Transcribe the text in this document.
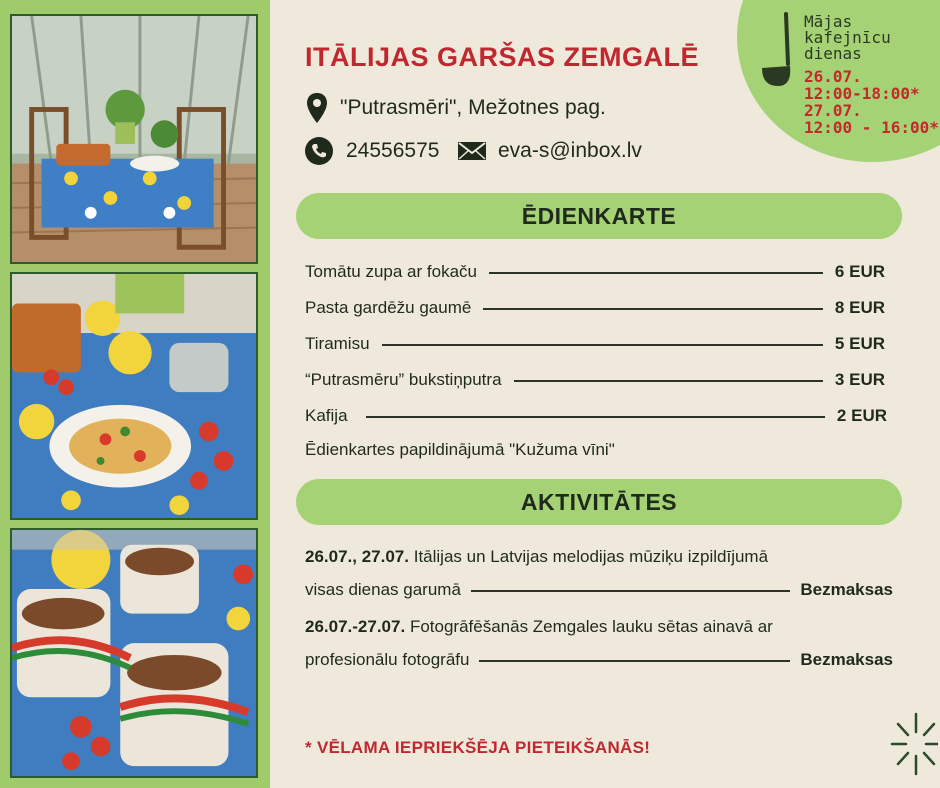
Mājas
kafejnīcu
dienas
26.07.
12:00-18:00*
27.07.
12:00 - 16:00*
ITĀLIJAS GARŠAS ZEMGALĒ
"Putrasmēri", Mežotnes pag.
24556575	eva-s@inbox.lv
ĒDIENKARTE
Tomātu zupa ar fokaču	6 EUR
Pasta gardēžu gaumē	8 EUR
Tiramisu	5 EUR
“Putrasmēru” bukstiņputra	3 EUR
Kafija	2 EUR
Ēdienkartes papildinājumā "Kužuma vīni"
AKTIVITĀTES
26.07., 27.07. Itālijas un Latvijas melodijas mūziķu izpildījumā
visas dienas garumā	Bezmaksas
26.07.-27.07. Fotogrāfēšanās Zemgales lauku sētas ainavā ar
profesionālu fotogrāfu	Bezmaksas
* VĒLAMA IEPRIEKŠĒJA PIETEIKŠANĀS!
